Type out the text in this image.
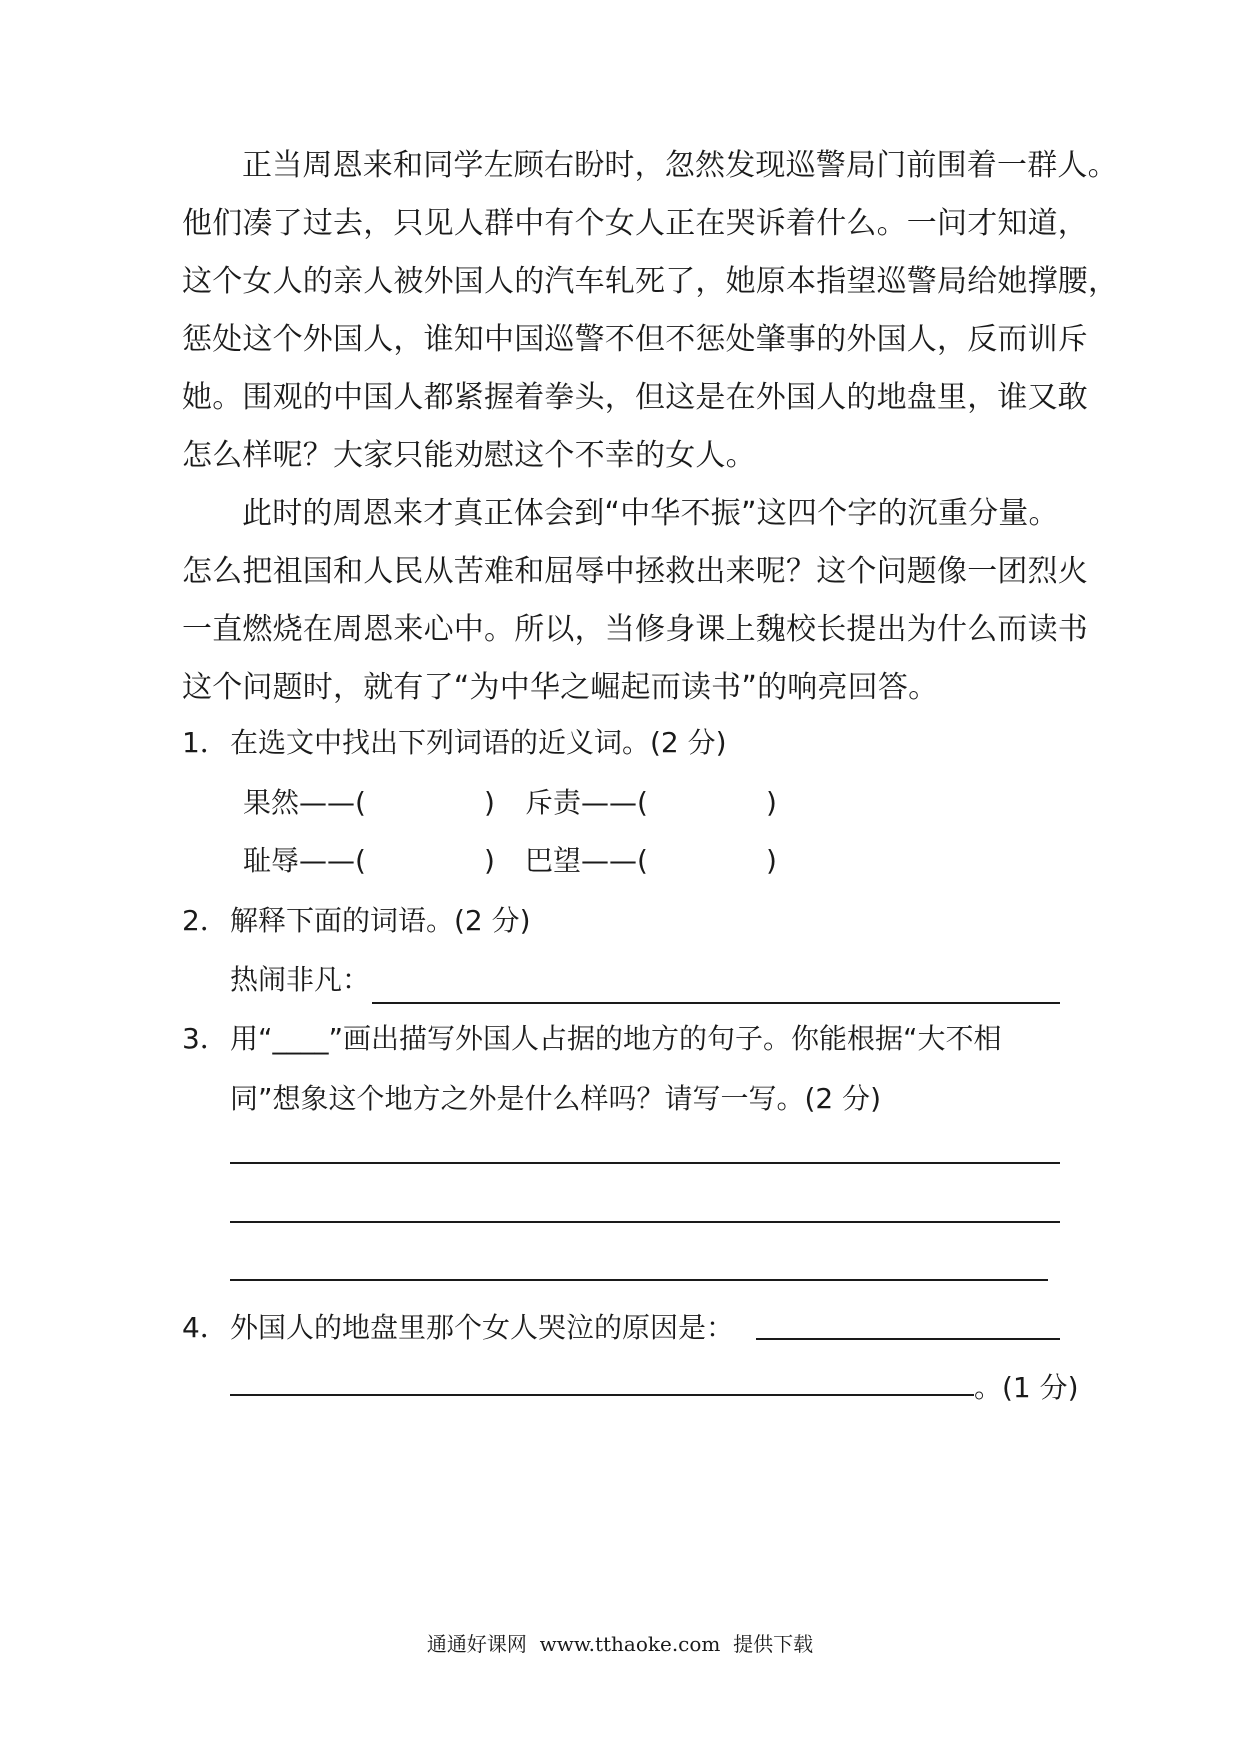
正当周恩来和同学左顾右盼时，忽然发现巡警局门前围着一群人。
他们凑了过去，只见人群中有个女人正在哭诉着什么。一问才知道，
这个女人的亲人被外国人的汽车轧死了，她原本指望巡警局给她撑腰，
惩处这个外国人，谁知中国巡警不但不惩处肇事的外国人，反而训斥
她。围观的中国人都紧握着拳头，但这是在外国人的地盘里，谁又敢
怎么样呢？大家只能劝慰这个不幸的女人。
此时的周恩来才真正体会到“中华不振”这四个字的沉重分量。
怎么把祖国和人民从苦难和屈辱中拯救出来呢？这个问题像一团烈火
一直燃烧在周恩来心中。所以，当修身课上魏校长提出为什么而读书
这个问题时，就有了“为中华之崛起而读书”的响亮回答。
1． 在选文中找出下列词语的近义词。(2 分)
果然——(	) 斥责——(	)
耻辱——(	) 巴望——(	)
2． 解释下面的词语。(2 分)
热闹非凡：
3． 用“____”画出描写外国人占据的地方的句子。你能根据“大不相
同”想象这个地方之外是什么样吗？请写一写。(2 分)
4． 外国人的地盘里那个女人哭泣的原因是：
。(1 分)
通通好课网  www.tthaoke.com  提供下载
